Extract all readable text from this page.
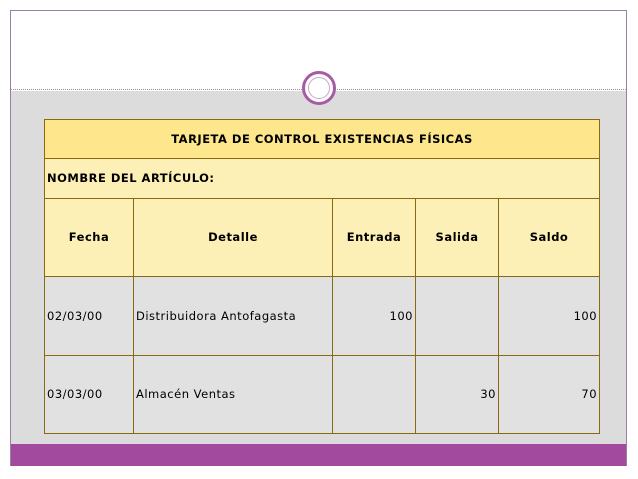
TARJETA DE CONTROL EXISTENCIAS FÍSICAS				
NOMBRE DEL ARTÍCULO:				
Fecha	Detalle	Entrada	Salida	Saldo
02/03/00	Distribuidora Antofagasta	100		100
03/03/00	Almacén Ventas		30	70
